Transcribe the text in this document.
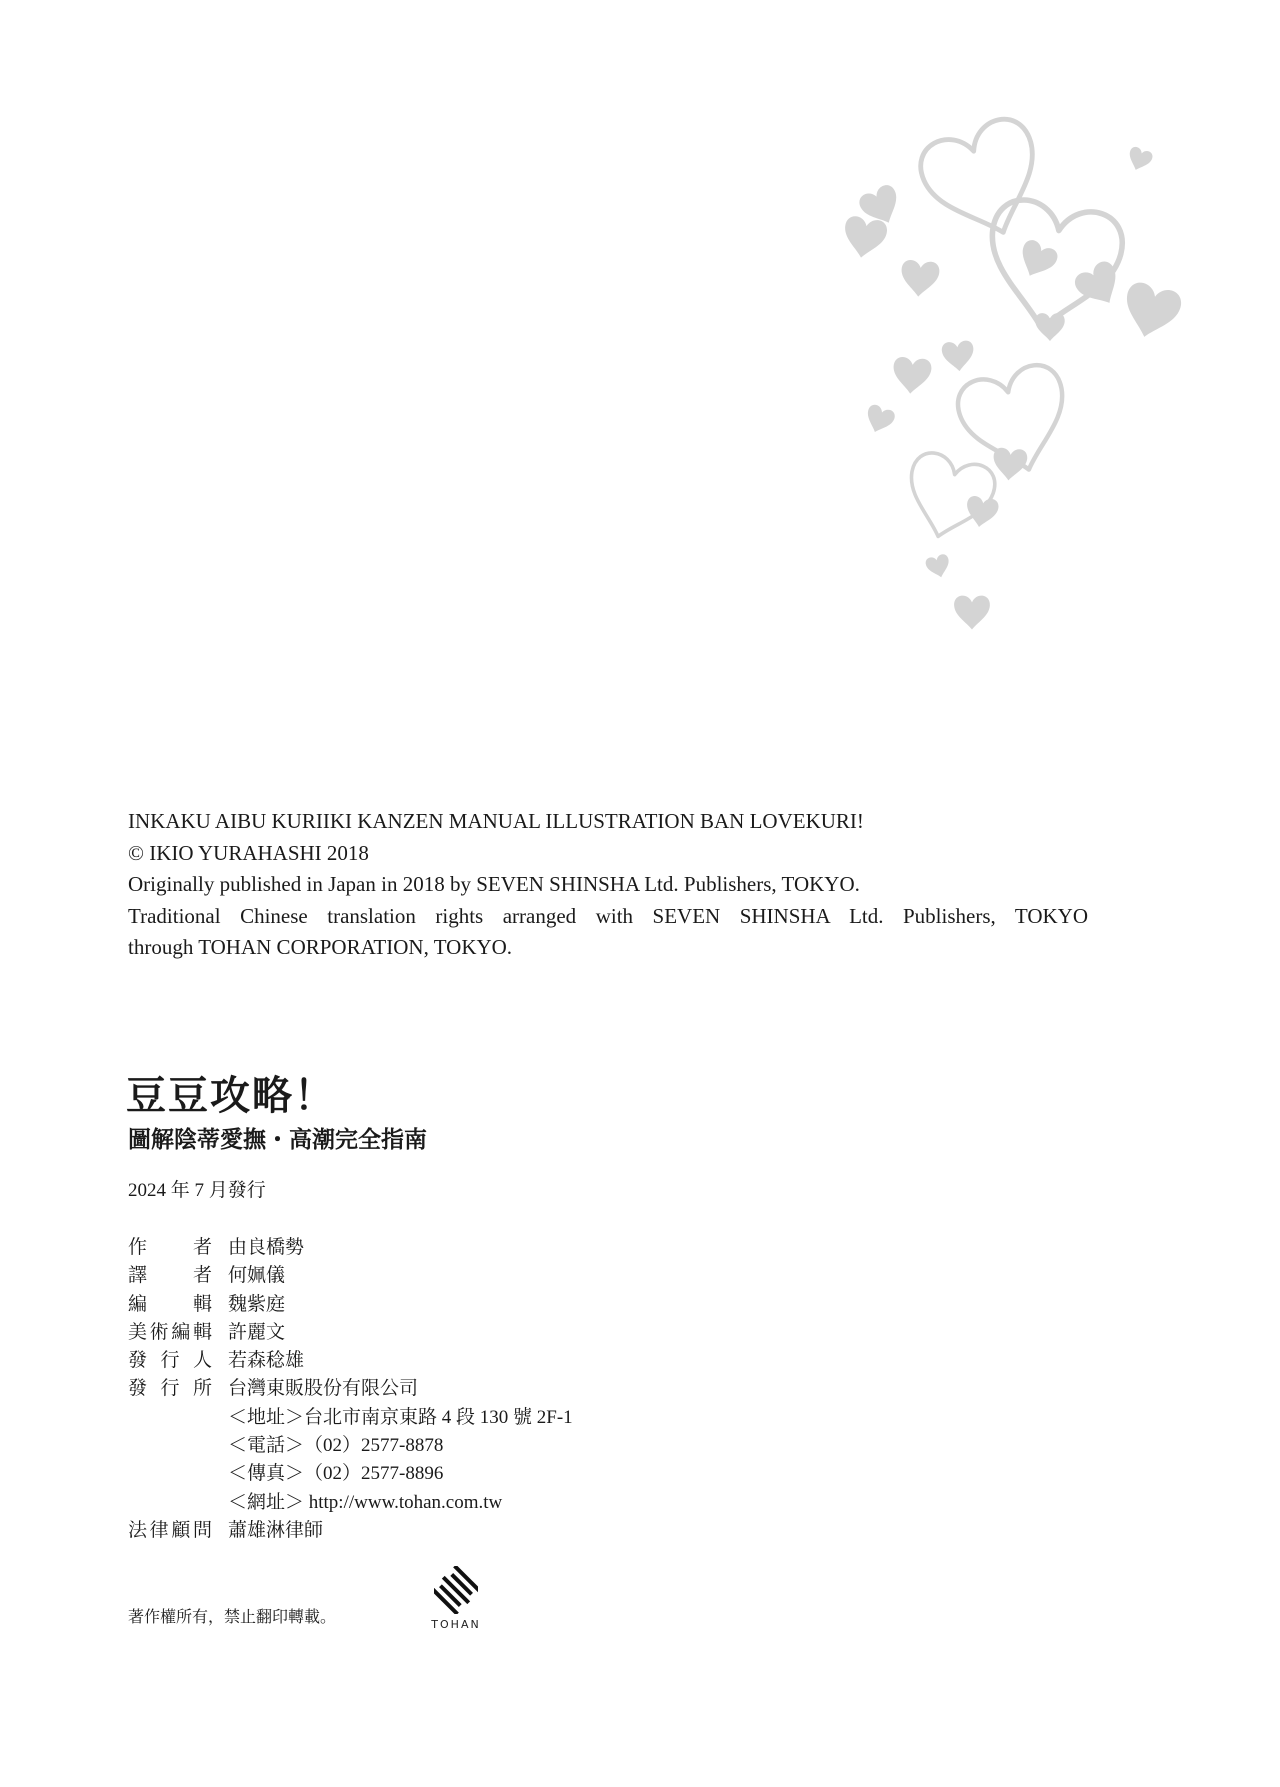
INKAKU AIBU KURIIKI KANZEN MANUAL ILLUSTRATION BAN LOVEKURI!
© IKIO YURAHASHI 2018
Originally published in Japan in 2018 by SEVEN SHINSHA Ltd. Publishers, TOKYO.
Traditional Chinese translation rights arranged with SEVEN SHINSHA Ltd. Publishers, TOKYO
through TOHAN CORPORATION, TOKYO.
豆豆攻略！
圖解陰蒂愛撫・高潮完全指南
2024 年 7 月發行
作 者 由良橋勢
譯 者 何姵儀
編 輯 魏紫庭
美 術 編 輯 許麗文
發 行 人 若森稔雄
發 行 所 台灣東販股份有限公司
＜地址＞台北市南京東路 4 段 130 號 2F-1
＜電話＞（02）2577-8878
＜傳真＞（02）2577-8896
＜網址＞ http://www.tohan.com.tw
法 律 顧 問 蕭雄淋律師
著作權所有，禁止翻印轉載。	TOHAN
